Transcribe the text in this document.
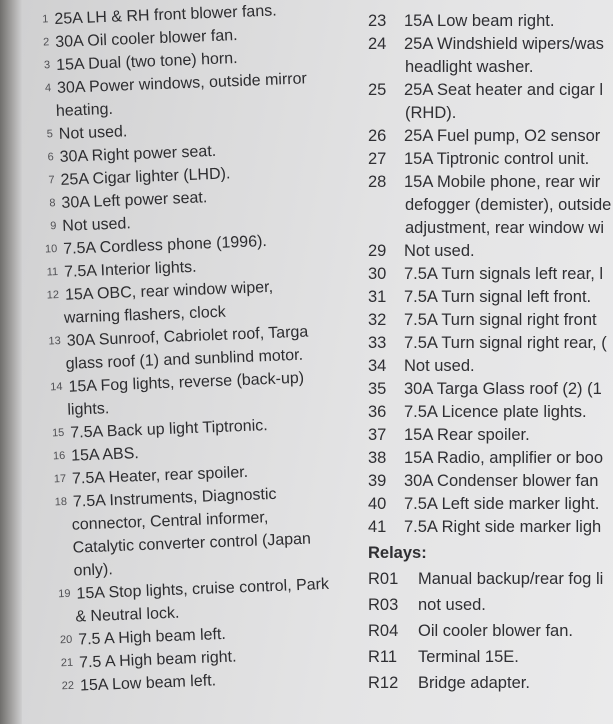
1 25A LH & RH front blower fans.
2 30A Oil cooler blower fan.
3 15A Dual (two tone) horn.
4 30A Power windows, outside mirror
heating.
5 Not used.
6 30A Right power seat.
7 25A Cigar lighter (LHD).
8 30A Left power seat.
9 Not used.
10 7.5A Cordless phone (1996).
11 7.5A Interior lights.
12 15A OBC, rear window wiper,
warning flashers, clock
13 30A Sunroof, Cabriolet roof, Targa
glass roof (1) and sunblind motor.
14 15A Fog lights, reverse (back-up)
lights.
15 7.5A Back up light Tiptronic.
16 15A ABS.
17 7.5A Heater, rear spoiler.
18 7.5A Instruments, Diagnostic
connector, Central informer,
Catalytic converter control (Japan
only).
19 15A Stop lights, cruise control, Park
& Neutral lock.
20 7.5 A High beam left.
21 7.5 A High beam right.
22 15A Low beam left.
23 15A Low beam right.
24 25A Windshield wipers/was
headlight washer.
25 25A Seat heater and cigar l
(RHD).
26 25A Fuel pump, O2 sensor
27 15A Tiptronic control unit.
28 15A Mobile phone, rear wir
defogger (demister), outside
adjustment, rear window wi
29 Not used.
30 7.5A Turn signals left rear, l
31 7.5A Turn signal left front.
32 7.5A Turn signal right front
33 7.5A Turn signal right rear, (
34 Not used.
35 30A Targa Glass roof (2) (1
36 7.5A Licence plate lights.
37 15A Rear spoiler.
38 15A Radio, amplifier or boo
39 30A Condenser blower fan
40 7.5A Left side marker light.
41 7.5A Right side marker ligh
Relays:
R01 Manual backup/rear fog li
R03 not used.
R04 Oil cooler blower fan.
R11 Terminal 15E.
R12 Bridge adapter.
